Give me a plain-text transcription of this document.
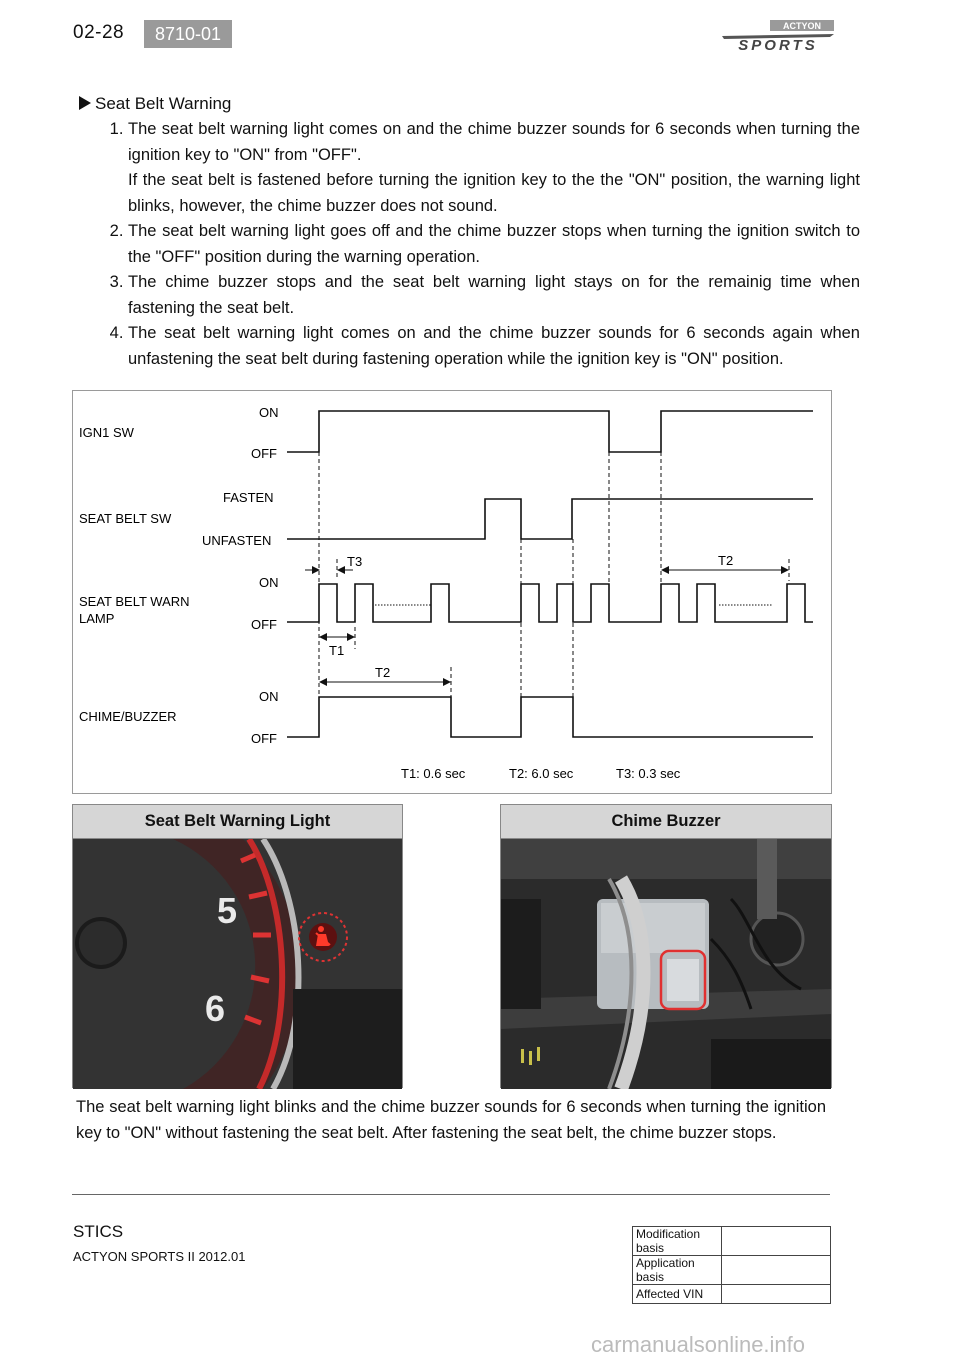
02-28	8710-01	ACTYON
SPORTS
Seat Belt Warning
1. The seat belt warning light comes on and the chime buzzer sounds for 6 seconds when turning the ignition key to "ON" from "OFF".
If the seat belt is fastened before turning the ignition key to the the "ON" position, the warning light blinks, however, the chime buzzer does not sound.
2. The seat belt warning light goes off and the chime buzzer stops when turning the ignition switch to the "OFF" position during the warning operation.
3. The chime buzzer stops and the seat belt warning light stays on for the remainig time when fastening the seat belt.
4. The seat belt warning light comes on and the chime buzzer sounds for 6 seconds again when unfastening the seat belt during fastening operation while the ignition key is "ON" position.
IGN1 SW
ON
OFF
SEAT BELT SW
FASTEN
UNFASTEN
SEAT BELT WARN
LAMP
ON
OFF
CHIME/BUZZER
ON
OFF
T3
T1
T2
T2
T1: 0.6 sec	T2: 6.0 sec	T3: 0.3 sec
Seat Belt Warning Light
5
6
Chime Buzzer
The seat belt warning light blinks and the chime buzzer sounds for 6 seconds when turning the ignition key to "ON" without fastening the seat belt. After fastening the seat belt, the chime buzzer stops.
STICS
ACTYON SPORTS II 2012.01
Modification basis	
Application basis	
Affected VIN	
carmanualsonline.info
